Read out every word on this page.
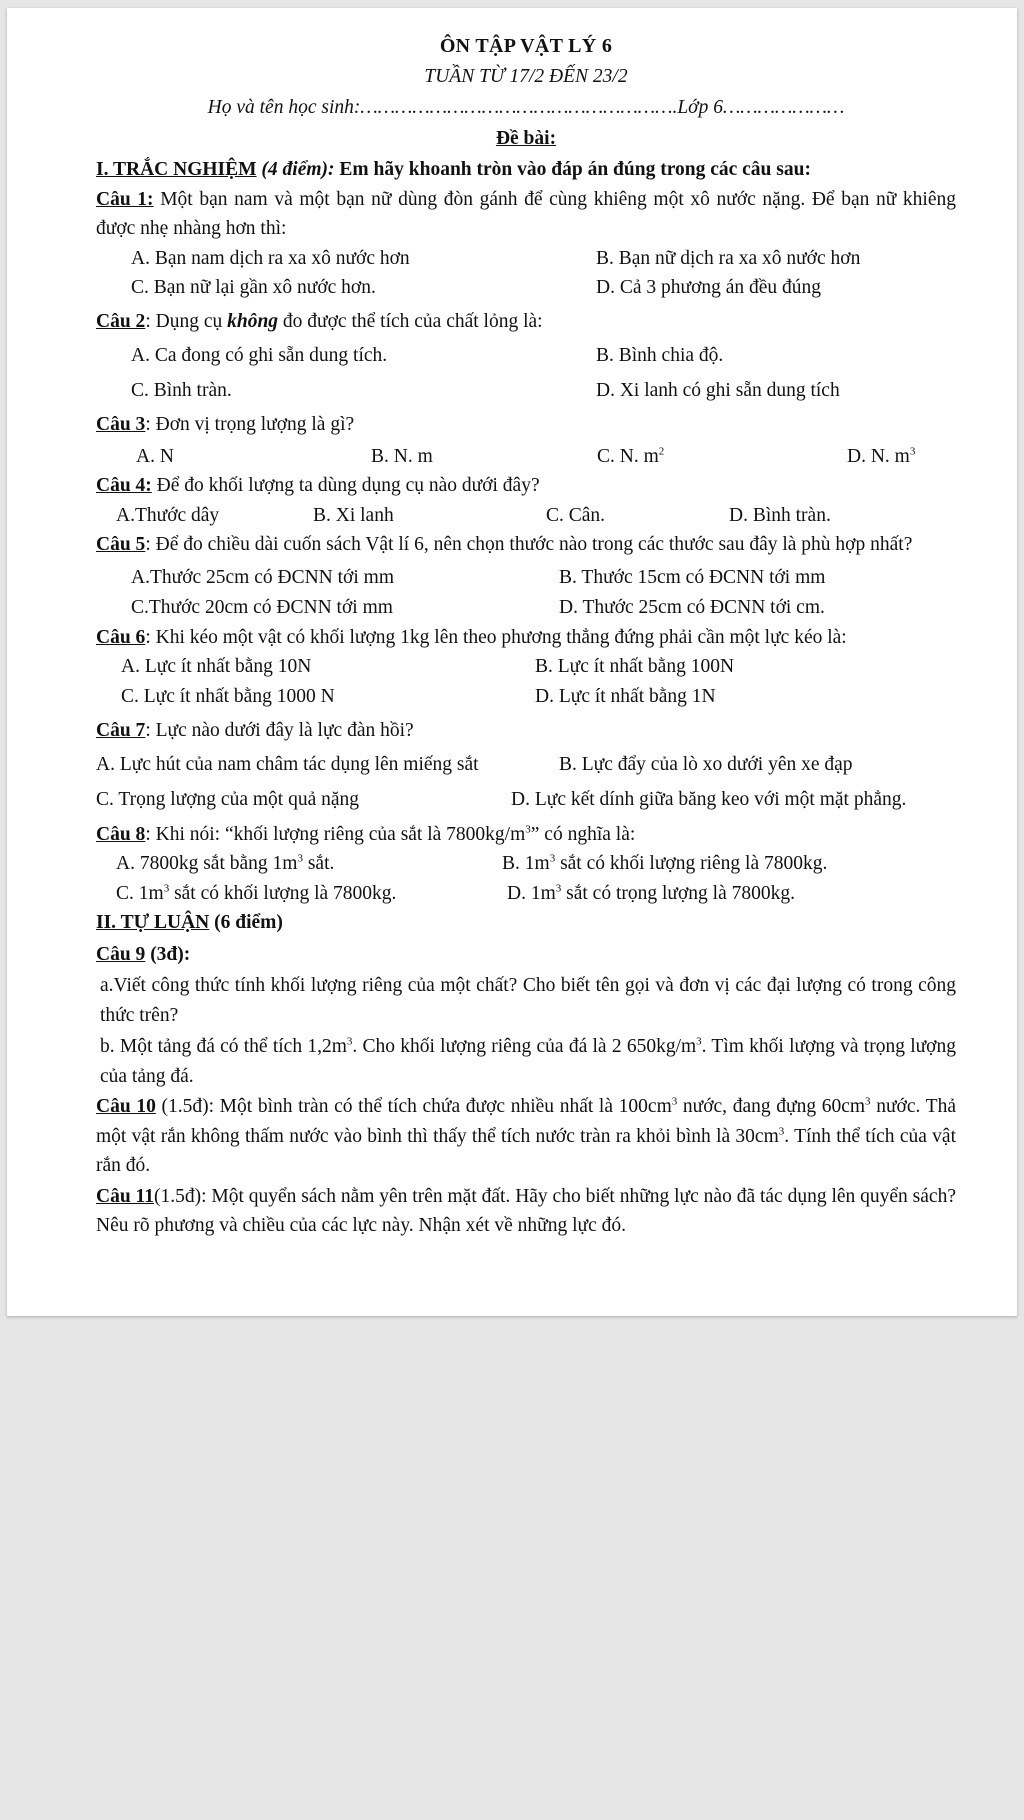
ÔN TẬP VẬT LÝ 6
TUẦN TỪ 17/2 ĐẾN 23/2
Họ và tên học sinh:……………………………………………….Lớp 6…………………
Đề bài:
I. TRẮC NGHIỆM (4 điểm): Em hãy khoanh tròn vào đáp án đúng trong các câu sau:
Câu 1: Một bạn nam và một bạn nữ dùng đòn gánh để cùng khiêng một xô nước nặng. Để bạn nữ khiêng được nhẹ nhàng hơn thì:
A. Bạn nam dịch ra xa xô nước hơn	B. Bạn nữ dịch ra xa xô nước hơn
C. Bạn nữ lại gần xô nước hơn.	D. Cả 3 phương án đều đúng
Câu 2: Dụng cụ không đo được thể tích của chất lỏng là:
A. Ca đong có ghi sẵn dung tích.	B. Bình chia độ.
C. Bình tràn.	D. Xi lanh có ghi sẵn dung tích
Câu 3: Đơn vị trọng lượng là gì?
A. N	B. N. m	C. N. $m^2$	D. N. $m^3$
Câu 4: Để đo khối lượng ta dùng dụng cụ nào dưới đây?
A.Thước dây	B. Xi lanh	C. Cân.	D. Bình tràn.
Câu 5: Để đo chiều dài cuốn sách Vật lí 6, nên chọn thước nào trong các thước sau đây là phù hợp nhất?
A.Thước 25cm có ĐCNN tới mm	B. Thước 15cm có ĐCNN tới mm
C.Thước 20cm có ĐCNN tới mm	D. Thước 25cm có ĐCNN tới cm.
Câu 6: Khi kéo một vật có khối lượng 1kg lên theo phương thẳng đứng phải cần một lực kéo là:
A. Lực ít nhất bằng 10N	B. Lực ít nhất bằng 100N
C. Lực ít nhất bằng 1000 N	D. Lực ít nhất bằng 1N
Câu 7: Lực nào dưới đây là lực đàn hồi?
A. Lực hút của nam châm tác dụng lên miếng sắt	B. Lực đẩy của lò xo dưới yên xe đạp
C. Trọng lượng của một quả nặng	D. Lực kết dính giữa băng keo với một mặt phẳng.
Câu 8: Khi nói: “khối lượng riêng của sắt là $7800kg/m^3$” có nghĩa là:
A. 7800kg sắt bằng $1m^3$ sắt.	B. $1m^3$ sắt có khối lượng riêng là 7800kg.
C. $1m^3$ sắt có khối lượng là 7800kg.	D. $1m^3$ sắt có trọng lượng là 7800kg.
II. TỰ LUẬN (6 điểm)
Câu 9 (3đ):
a.Viết công thức tính khối lượng riêng của một chất? Cho biết tên gọi và đơn vị các đại lượng có trong công thức trên?
b. Một tảng đá có thể tích $1,2m^3$. Cho khối lượng riêng của đá là 2 $650kg/m^3$. Tìm khối lượng và trọng lượng của tảng đá.
Câu 10 (1.5đ): Một bình tràn có thể tích chứa được nhiều nhất là $100cm^3$ nước, đang đựng $60cm^3$ nước. Thả một vật rắn không thấm nước vào bình thì thấy thể tích nước tràn ra khỏi bình là $30cm^3$. Tính thể tích của vật rắn đó.
Câu 11(1.5đ): Một quyển sách nằm yên trên mặt đất. Hãy cho biết những lực nào đã tác dụng lên quyển sách? Nêu rõ phương và chiều của các lực này. Nhận xét về những lực đó.
